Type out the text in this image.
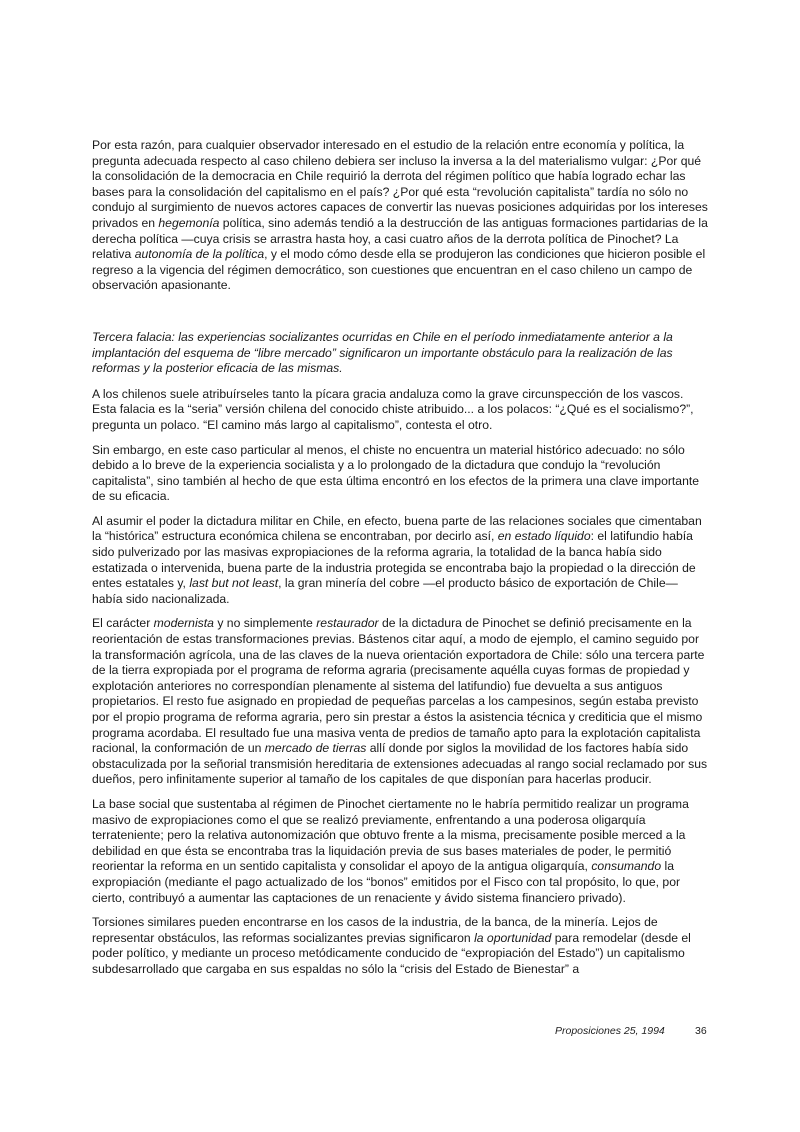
Por esta razón, para cualquier observador interesado en el estudio de la relación entre economía y política, la pregunta adecuada respecto al caso chileno debiera ser incluso la inversa a la del materialismo vulgar: ¿Por qué la consolidación de la democracia en Chile requirió la derrota del régimen político que había logrado echar las bases para la consolidación del capitalismo en el país? ¿Por qué esta “revolución capitalista” tardía no sólo no condujo al surgimiento de nuevos actores capaces de convertir las nuevas posiciones adquiridas por los intereses privados en hegemonía política, sino además tendió a la destrucción de las antiguas formaciones partidarias de la derecha política —cuya crisis se arrastra hasta hoy, a casi cuatro años de la derrota política de Pinochet? La relativa autonomía de la política, y el modo cómo desde ella se produjeron las condiciones que hicieron posible el regreso a la vigencia del régimen democrático, son cuestiones que encuentran en el caso chileno un campo de observación apasionante.

Tercera falacia: las experiencias socializantes ocurridas en Chile en el período inmediatamente anterior a la implantación del esquema de “libre mercado” significaron un importante obstáculo para la realización de las reformas y la posterior eficacia de las mismas.

A los chilenos suele atribuírseles tanto la pícara gracia andaluza como la grave circunspección de los vascos. Esta falacia es la “seria” versión chilena del conocido chiste atribuido... a los polacos: “¿Qué es el socialismo?”, pregunta un polaco. “El camino más largo al capitalismo”, contesta el otro.

Sin embargo, en este caso particular al menos, el chiste no encuentra un material histórico adecuado: no sólo debido a lo breve de la experiencia socialista y a lo prolongado de la dictadura que condujo la “revolución capitalista”, sino también al hecho de que esta última encontró en los efectos de la primera una clave importante de su eficacia.

Al asumir el poder la dictadura militar en Chile, en efecto, buena parte de las relaciones sociales que cimentaban la “histórica” estructura económica chilena se encontraban, por decirlo así, en estado líquido: el latifundio había sido pulverizado por las masivas expropiaciones de la reforma agraria, la totalidad de la banca había sido estatizada o intervenida, buena parte de la industria protegida se encontraba bajo la propiedad o la dirección de entes estatales y, last but not least, la gran minería del cobre —el producto básico de exportación de Chile— había sido nacionalizada.

El carácter modernista y no simplemente restaurador de la dictadura de Pinochet se definió precisamente en la reorientación de estas transformaciones previas. Bástenos citar aquí, a modo de ejemplo, el camino seguido por la transformación agrícola, una de las claves de la nueva orientación exportadora de Chile: sólo una tercera parte de la tierra expropiada por el programa de reforma agraria (precisamente aquélla cuyas formas de propiedad y explotación anteriores no correspondían plenamente al sistema del latifundio) fue devuelta a sus antiguos propietarios. El resto fue asignado en propiedad de pequeñas parcelas a los campesinos, según estaba previsto por el propio programa de reforma agraria, pero sin prestar a éstos la asistencia técnica y crediticia que el mismo programa acordaba. El resultado fue una masiva venta de predios de tamaño apto para la explotación capitalista racional, la conformación de un mercado de tierras allí donde por siglos la movilidad de los factores había sido obstaculizada por la señorial transmisión hereditaria de extensiones adecuadas al rango social reclamado por sus dueños, pero infinitamente superior al tamaño de los capitales de que disponían para hacerlas producir.

La base social que sustentaba al régimen de Pinochet ciertamente no le habría permitido realizar un programa masivo de expropiaciones como el que se realizó previamente, enfrentando a una poderosa oligarquía terrateniente; pero la relativa autonomización que obtuvo frente a la misma, precisamente posible merced a la debilidad en que ésta se encontraba tras la liquidación previa de sus bases materiales de poder, le permitió reorientar la reforma en un sentido capitalista y consolidar el apoyo de la antigua oligarquía, consumando la expropiación (mediante el pago actualizado de los “bonos” emitidos por el Fisco con tal propósito, lo que, por cierto, contribuyó a aumentar las captaciones de un renaciente y ávido sistema financiero privado).

Torsiones similares pueden encontrarse en los casos de la industria, de la banca, de la minería. Lejos de representar obstáculos, las reformas socializantes previas significaron la oportunidad para remodelar (desde el poder político, y mediante un proceso metódicamente conducido de “expropiación del Estado”) un capitalismo subdesarrollado que cargaba en sus espaldas no sólo la “crisis del Estado de Bienestar” a

Proposiciones 25, 1994	36
